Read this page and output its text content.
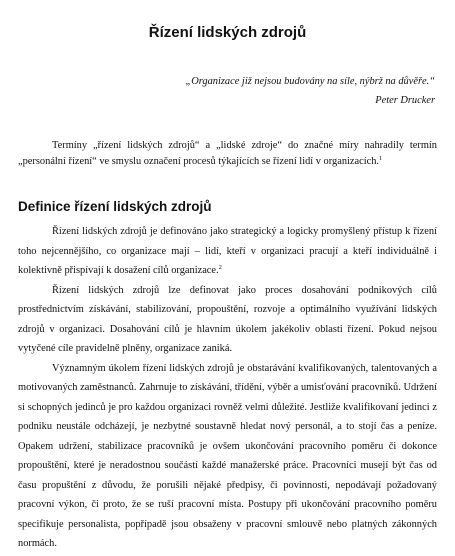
Řízení lidských zdrojů
„Organizace již nejsou budovány na síle, nýbrž na důvěře.“
Peter Drucker

Termíny „řízení lidských zdrojů“ a „lidské zdroje“ do značné míry nahradily termín „personální řízení“ ve smyslu označení procesů týkajících se řízení lidí v organizacích.$^1$

Definice řízení lidských zdrojů

Řízení lidských zdrojů je definováno jako strategický a logicky promyšlený přístup k řízení toho nejcennějšího, co organizace mají – lidí, kteří v organizaci pracují a kteří individuálně i kolektivně přispívají k dosažení cílů organizace.$^2$

Řízení lidských zdrojů lze definovat jako proces dosahování podnikových cílů prostřednictvím získávání, stabilizování, propouštění, rozvoje a optimálního využívání lidských zdrojů v organizaci. Dosahování cílů je hlavním úkolem jakékoliv oblasti řízení. Pokud nejsou vytyčené cíle pravidelně plněny, organizace zaniká.

Významným úkolem řízení lidských zdrojů je obstarávání kvalifikovaných, talentovaných a motivovaných zaměstnanců. Zahrnuje to získávání, třídění, výběr a umisťování pracovníků. Udržení si schopných jedinců je pro každou organizaci rovněž velmi důležité. Jestliže kvalifikovaní jedinci z podniku neustále odcházejí, je nezbytné soustavně hledat nový personál, a to stojí čas a peníze. Opakem udržení, stabilizace pracovníků je ovšem ukončování pracovního poměru či dokonce propouštění, které je neradostnou součástí každé manažerské práce. Pracovníci musejí být čas od času propuštění z důvodu, že porušili nějaké předpisy, či povinnosti, nepodávají požadovaný pracovní výkon, či proto, že se ruší pracovní místa. Postupy při ukončování pracovního poměru specifikuje personalista, popřípadě jsou obsaženy v pracovní smlouvě nebo platných zákonných normách.
